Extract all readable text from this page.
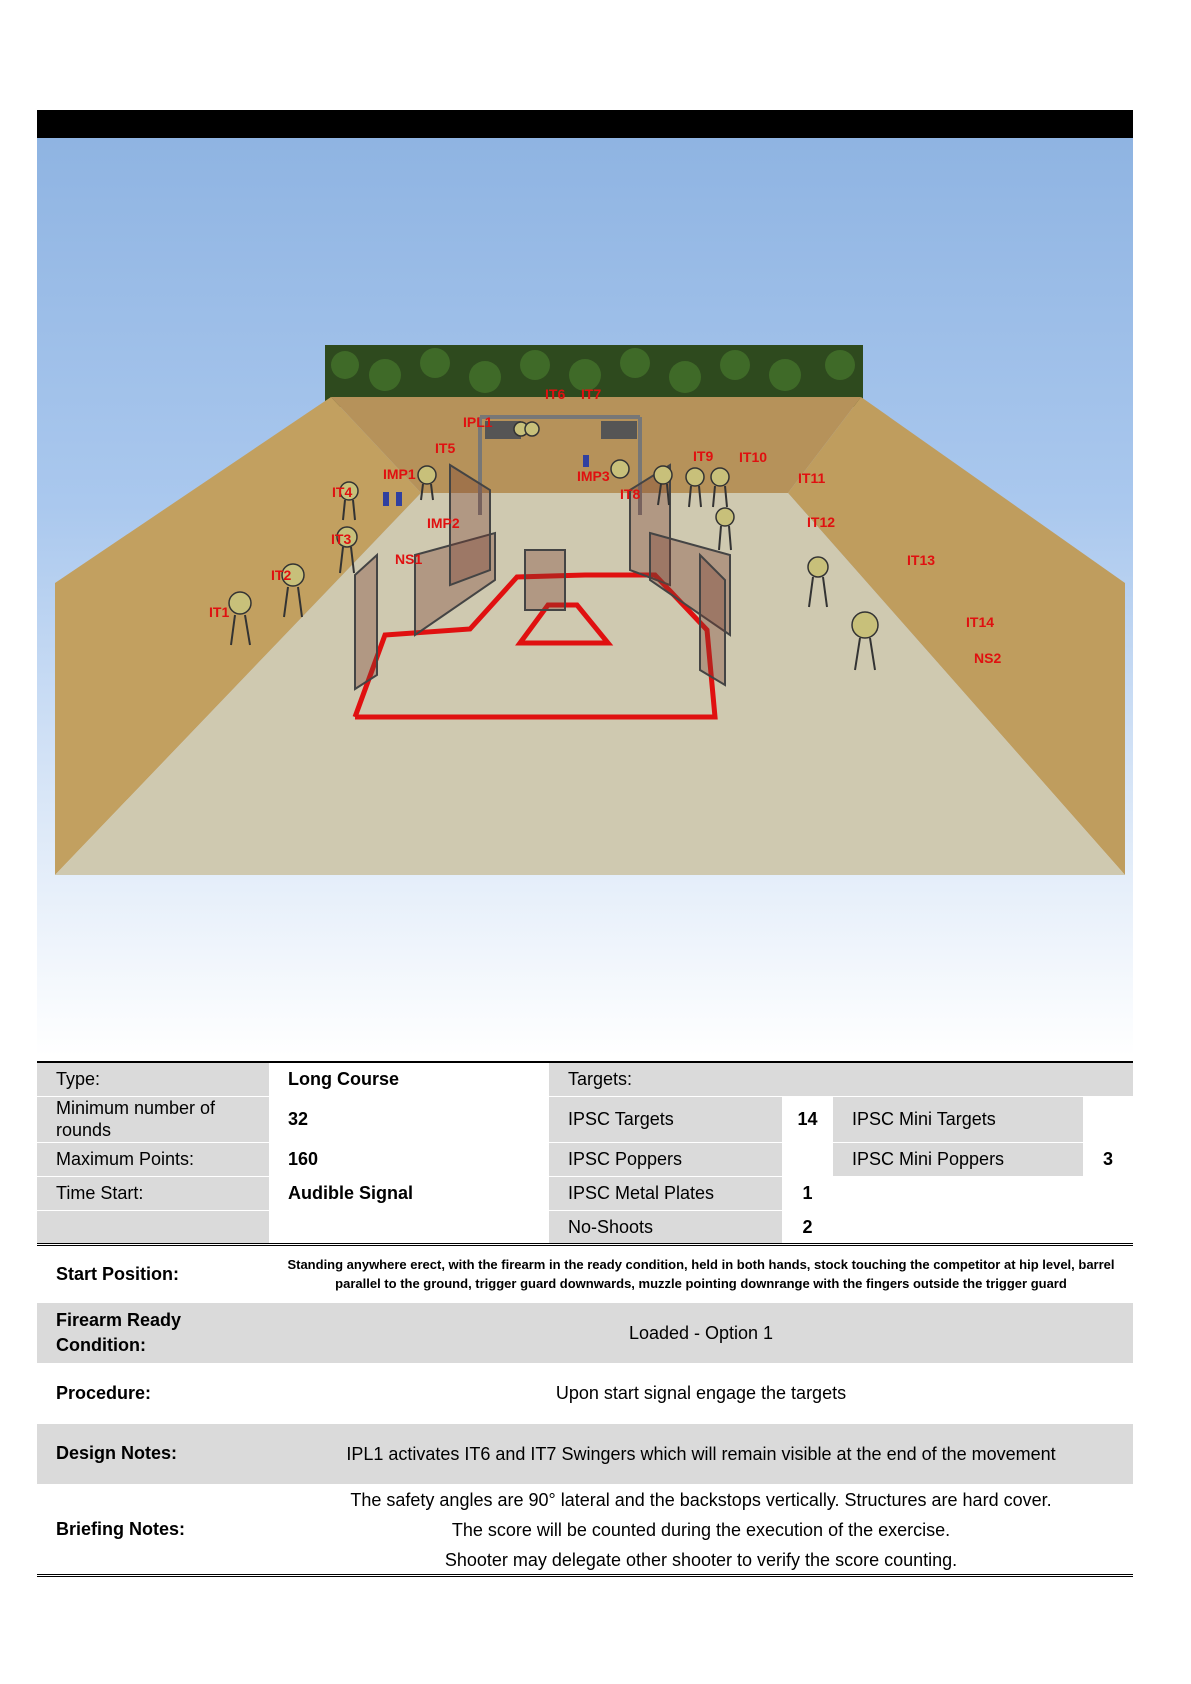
IT1
IT2
IT3
IT4
IT5
IPL1
IT6 IT7
IMP1
IMP2
IMP3
IT8
IT9 IT10
IT11
IT12
IT13
IT14
NS1
NS2
Type:	Long Course	Targets:			
Minimum number of rounds	32	IPSC Targets	14	IPSC Mini Targets	
Maximum Points:	160	IPSC Poppers		IPSC Mini Poppers	3
Time Start:	Audible Signal	IPSC Metal Plates	1		
		No-Shoots	2		
Start Position:	Standing anywhere erect, with the firearm in the ready condition, held in both hands, stock touching the competitor at hip level, barrel parallel to the ground, trigger guard downwards, muzzle pointing downrange with the fingers outside the trigger guard
Firearm Ready Condition:	Loaded - Option 1
Procedure:	Upon start signal engage the targets
Design Notes:	IPL1 activates IT6 and IT7 Swingers which will remain visible at the end of the movement
Briefing Notes:	The safety angles are 90° lateral and the backstops vertically. Structures are hard cover.
The score will be counted during the execution of the exercise.
Shooter may delegate other shooter to verify the score counting.
